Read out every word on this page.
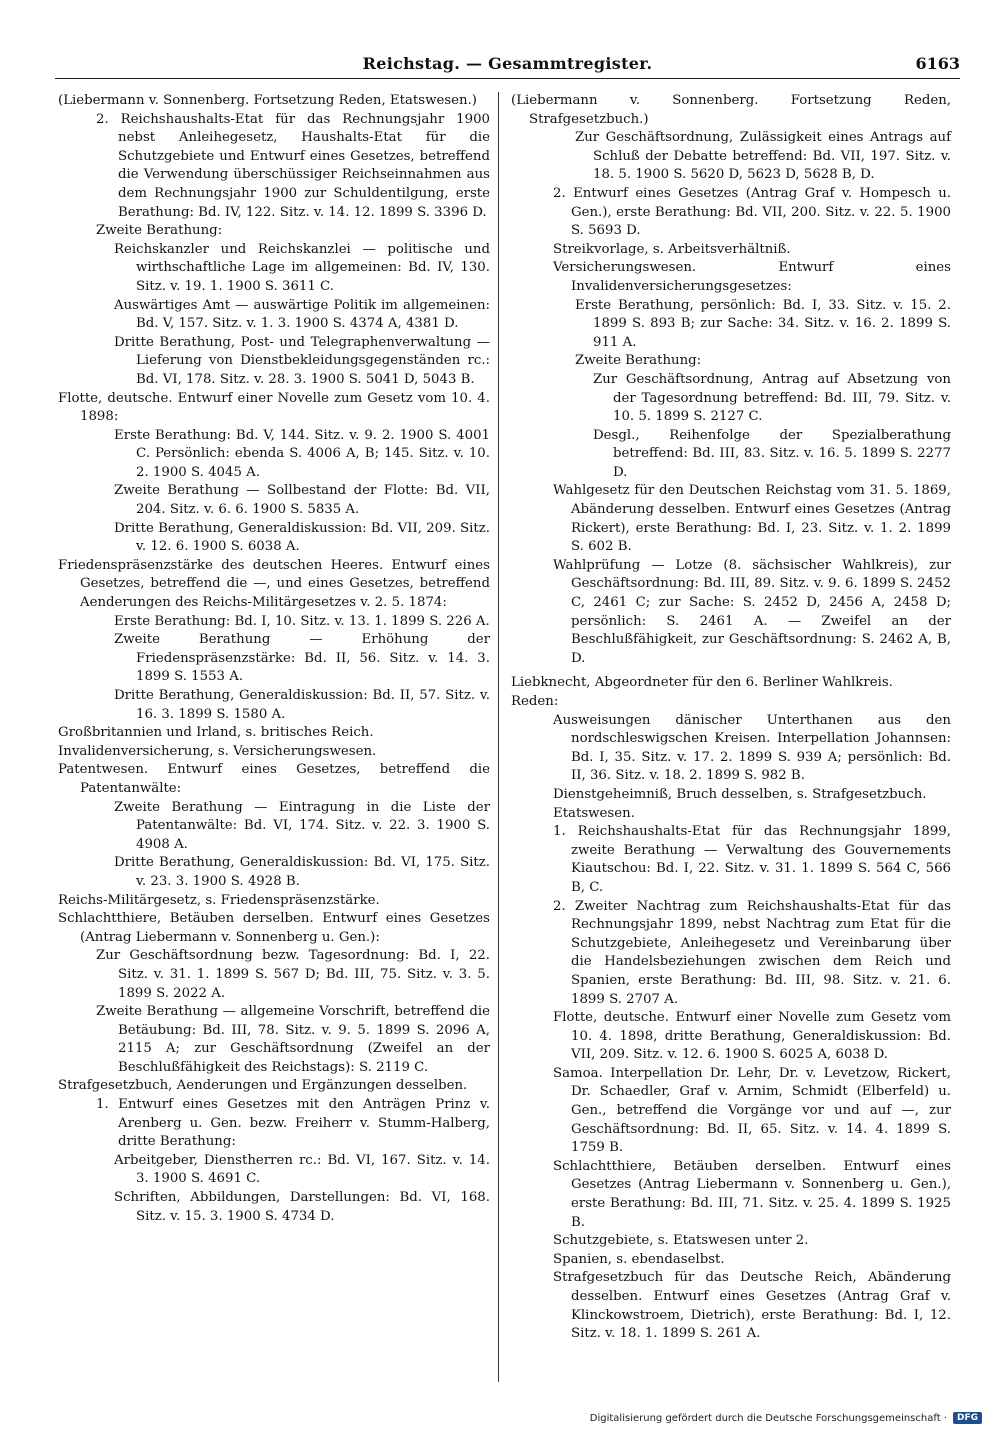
Reichstag. — Gesammtregister.	6163

(Liebermann v. Sonnenberg. Fortsetzung Reden, Etatswesen.)

2. Reichshaushalts-Etat für das Rechnungsjahr 1900 nebst Anleihegesetz, Haushalts-Etat für die Schutzgebiete und Entwurf eines Gesetzes, betreffend die Verwendung überschüssiger Reichseinnahmen aus dem Rechnungsjahr 1900 zur Schuldentilgung, erste Berathung: Bd. IV, 122. Sitz. v. 14. 12. 1899 S. 3396 D.

Zweite Berathung:

Reichskanzler und Reichskanzlei — politische und wirthschaftliche Lage im allgemeinen: Bd. IV, 130. Sitz. v. 19. 1. 1900 S. 3611 C.

Auswärtiges Amt — auswärtige Politik im allgemeinen: Bd. V, 157. Sitz. v. 1. 3. 1900 S. 4374 A, 4381 D.

Dritte Berathung, Post- und Telegraphenverwaltung — Lieferung von Dienstbekleidungsgegenständen rc.: Bd. VI, 178. Sitz. v. 28. 3. 1900 S. 5041 D, 5043 B.

Flotte, deutsche. Entwurf einer Novelle zum Gesetz vom 10. 4. 1898:

Erste Berathung: Bd. V, 144. Sitz. v. 9. 2. 1900 S. 4001 C. Persönlich: ebenda S. 4006 A, B; 145. Sitz. v. 10. 2. 1900 S. 4045 A.

Zweite Berathung — Sollbestand der Flotte: Bd. VII, 204. Sitz. v. 6. 6. 1900 S. 5835 A.

Dritte Berathung, Generaldiskussion: Bd. VII, 209. Sitz. v. 12. 6. 1900 S. 6038 A.

Friedenspräsenzstärke des deutschen Heeres. Entwurf eines Gesetzes, betreffend die —, und eines Gesetzes, betreffend Aenderungen des Reichs-Militärgesetzes v. 2. 5. 1874:

Erste Berathung: Bd. I, 10. Sitz. v. 13. 1. 1899 S. 226 A.

Zweite Berathung — Erhöhung der Friedenspräsenzstärke: Bd. II, 56. Sitz. v. 14. 3. 1899 S. 1553 A.

Dritte Berathung, Generaldiskussion: Bd. II, 57. Sitz. v. 16. 3. 1899 S. 1580 A.

Großbritannien und Irland, s. britisches Reich.

Invalidenversicherung, s. Versicherungswesen.

Patentwesen. Entwurf eines Gesetzes, betreffend die Patentanwälte:

Zweite Berathung — Eintragung in die Liste der Patentanwälte: Bd. VI, 174. Sitz. v. 22. 3. 1900 S. 4908 A.

Dritte Berathung, Generaldiskussion: Bd. VI, 175. Sitz. v. 23. 3. 1900 S. 4928 B.

Reichs-Militärgesetz, s. Friedenspräsenzstärke.

Schlachtthiere, Betäuben derselben. Entwurf eines Gesetzes (Antrag Liebermann v. Sonnenberg u. Gen.):

Zur Geschäftsordnung bezw. Tagesordnung: Bd. I, 22. Sitz. v. 31. 1. 1899 S. 567 D; Bd. III, 75. Sitz. v. 3. 5. 1899 S. 2022 A.

Zweite Berathung — allgemeine Vorschrift, betreffend die Betäubung: Bd. III, 78. Sitz. v. 9. 5. 1899 S. 2096 A, 2115 A; zur Geschäftsordnung (Zweifel an der Beschlußfähigkeit des Reichstags): S. 2119 C.

Strafgesetzbuch, Aenderungen und Ergänzungen desselben.

1. Entwurf eines Gesetzes mit den Anträgen Prinz v. Arenberg u. Gen. bezw. Freiherr v. Stumm-Halberg, dritte Berathung:

Arbeitgeber, Dienstherren rc.: Bd. VI, 167. Sitz. v. 14. 3. 1900 S. 4691 C.

Schriften, Abbildungen, Darstellungen: Bd. VI, 168. Sitz. v. 15. 3. 1900 S. 4734 D.

(Liebermann v. Sonnenberg. Fortsetzung Reden, Strafgesetzbuch.)

Zur Geschäftsordnung, Zulässigkeit eines Antrags auf Schluß der Debatte betreffend: Bd. VII, 197. Sitz. v. 18. 5. 1900 S. 5620 D, 5623 D, 5628 B, D.

2. Entwurf eines Gesetzes (Antrag Graf v. Hompesch u. Gen.), erste Berathung: Bd. VII, 200. Sitz. v. 22. 5. 1900 S. 5693 D.

Streikvorlage, s. Arbeitsverhältniß.

Versicherungswesen. Entwurf eines Invalidenversicherungsgesetzes:

Erste Berathung, persönlich: Bd. I, 33. Sitz. v. 15. 2. 1899 S. 893 B; zur Sache: 34. Sitz. v. 16. 2. 1899 S. 911 A.

Zweite Berathung:

Zur Geschäftsordnung, Antrag auf Absetzung von der Tagesordnung betreffend: Bd. III, 79. Sitz. v. 10. 5. 1899 S. 2127 C.

Desgl., Reihenfolge der Spezialberathung betreffend: Bd. III, 83. Sitz. v. 16. 5. 1899 S. 2277 D.

Wahlgesetz für den Deutschen Reichstag vom 31. 5. 1869, Abänderung desselben. Entwurf eines Gesetzes (Antrag Rickert), erste Berathung: Bd. I, 23. Sitz. v. 1. 2. 1899 S. 602 B.

Wahlprüfung — Lotze (8. sächsischer Wahlkreis), zur Geschäftsordnung: Bd. III, 89. Sitz. v. 9. 6. 1899 S. 2452 C, 2461 C; zur Sache: S. 2452 D, 2456 A, 2458 D; persönlich: S. 2461 A. — Zweifel an der Beschlußfähigkeit, zur Geschäftsordnung: S. 2462 A, B, D.

Liebknecht, Abgeordneter für den 6. Berliner Wahlkreis.

Reden:

Ausweisungen dänischer Unterthanen aus den nordschleswigschen Kreisen. Interpellation Johannsen: Bd. I, 35. Sitz. v. 17. 2. 1899 S. 939 A; persönlich: Bd. II, 36. Sitz. v. 18. 2. 1899 S. 982 B.

Dienstgeheimniß, Bruch desselben, s. Strafgesetzbuch.

Etatswesen.

1. Reichshaushalts-Etat für das Rechnungsjahr 1899, zweite Berathung — Verwaltung des Gouvernements Kiautschou: Bd. I, 22. Sitz. v. 31. 1. 1899 S. 564 C, 566 B, C.

2. Zweiter Nachtrag zum Reichshaushalts-Etat für das Rechnungsjahr 1899, nebst Nachtrag zum Etat für die Schutzgebiete, Anleihegesetz und Vereinbarung über die Handelsbeziehungen zwischen dem Reich und Spanien, erste Berathung: Bd. III, 98. Sitz. v. 21. 6. 1899 S. 2707 A.

Flotte, deutsche. Entwurf einer Novelle zum Gesetz vom 10. 4. 1898, dritte Berathung, Generaldiskussion: Bd. VII, 209. Sitz. v. 12. 6. 1900 S. 6025 A, 6038 D.

Samoa. Interpellation Dr. Lehr, Dr. v. Levetzow, Rickert, Dr. Schaedler, Graf v. Arnim, Schmidt (Elberfeld) u. Gen., betreffend die Vorgänge vor und auf —, zur Geschäftsordnung: Bd. II, 65. Sitz. v. 14. 4. 1899 S. 1759 B.

Schlachtthiere, Betäuben derselben. Entwurf eines Gesetzes (Antrag Liebermann v. Sonnenberg u. Gen.), erste Berathung: Bd. III, 71. Sitz. v. 25. 4. 1899 S. 1925 B.

Schutzgebiete, s. Etatswesen unter 2.

Spanien, s. ebendaselbst.

Strafgesetzbuch für das Deutsche Reich, Abänderung desselben. Entwurf eines Gesetzes (Antrag Graf v. Klinckowstroem, Dietrich), erste Berathung: Bd. I, 12. Sitz. v. 18. 1. 1899 S. 261 A.

Digitalisierung gefördert durch die Deutsche Forschungsgemeinschaft ·	DFG
